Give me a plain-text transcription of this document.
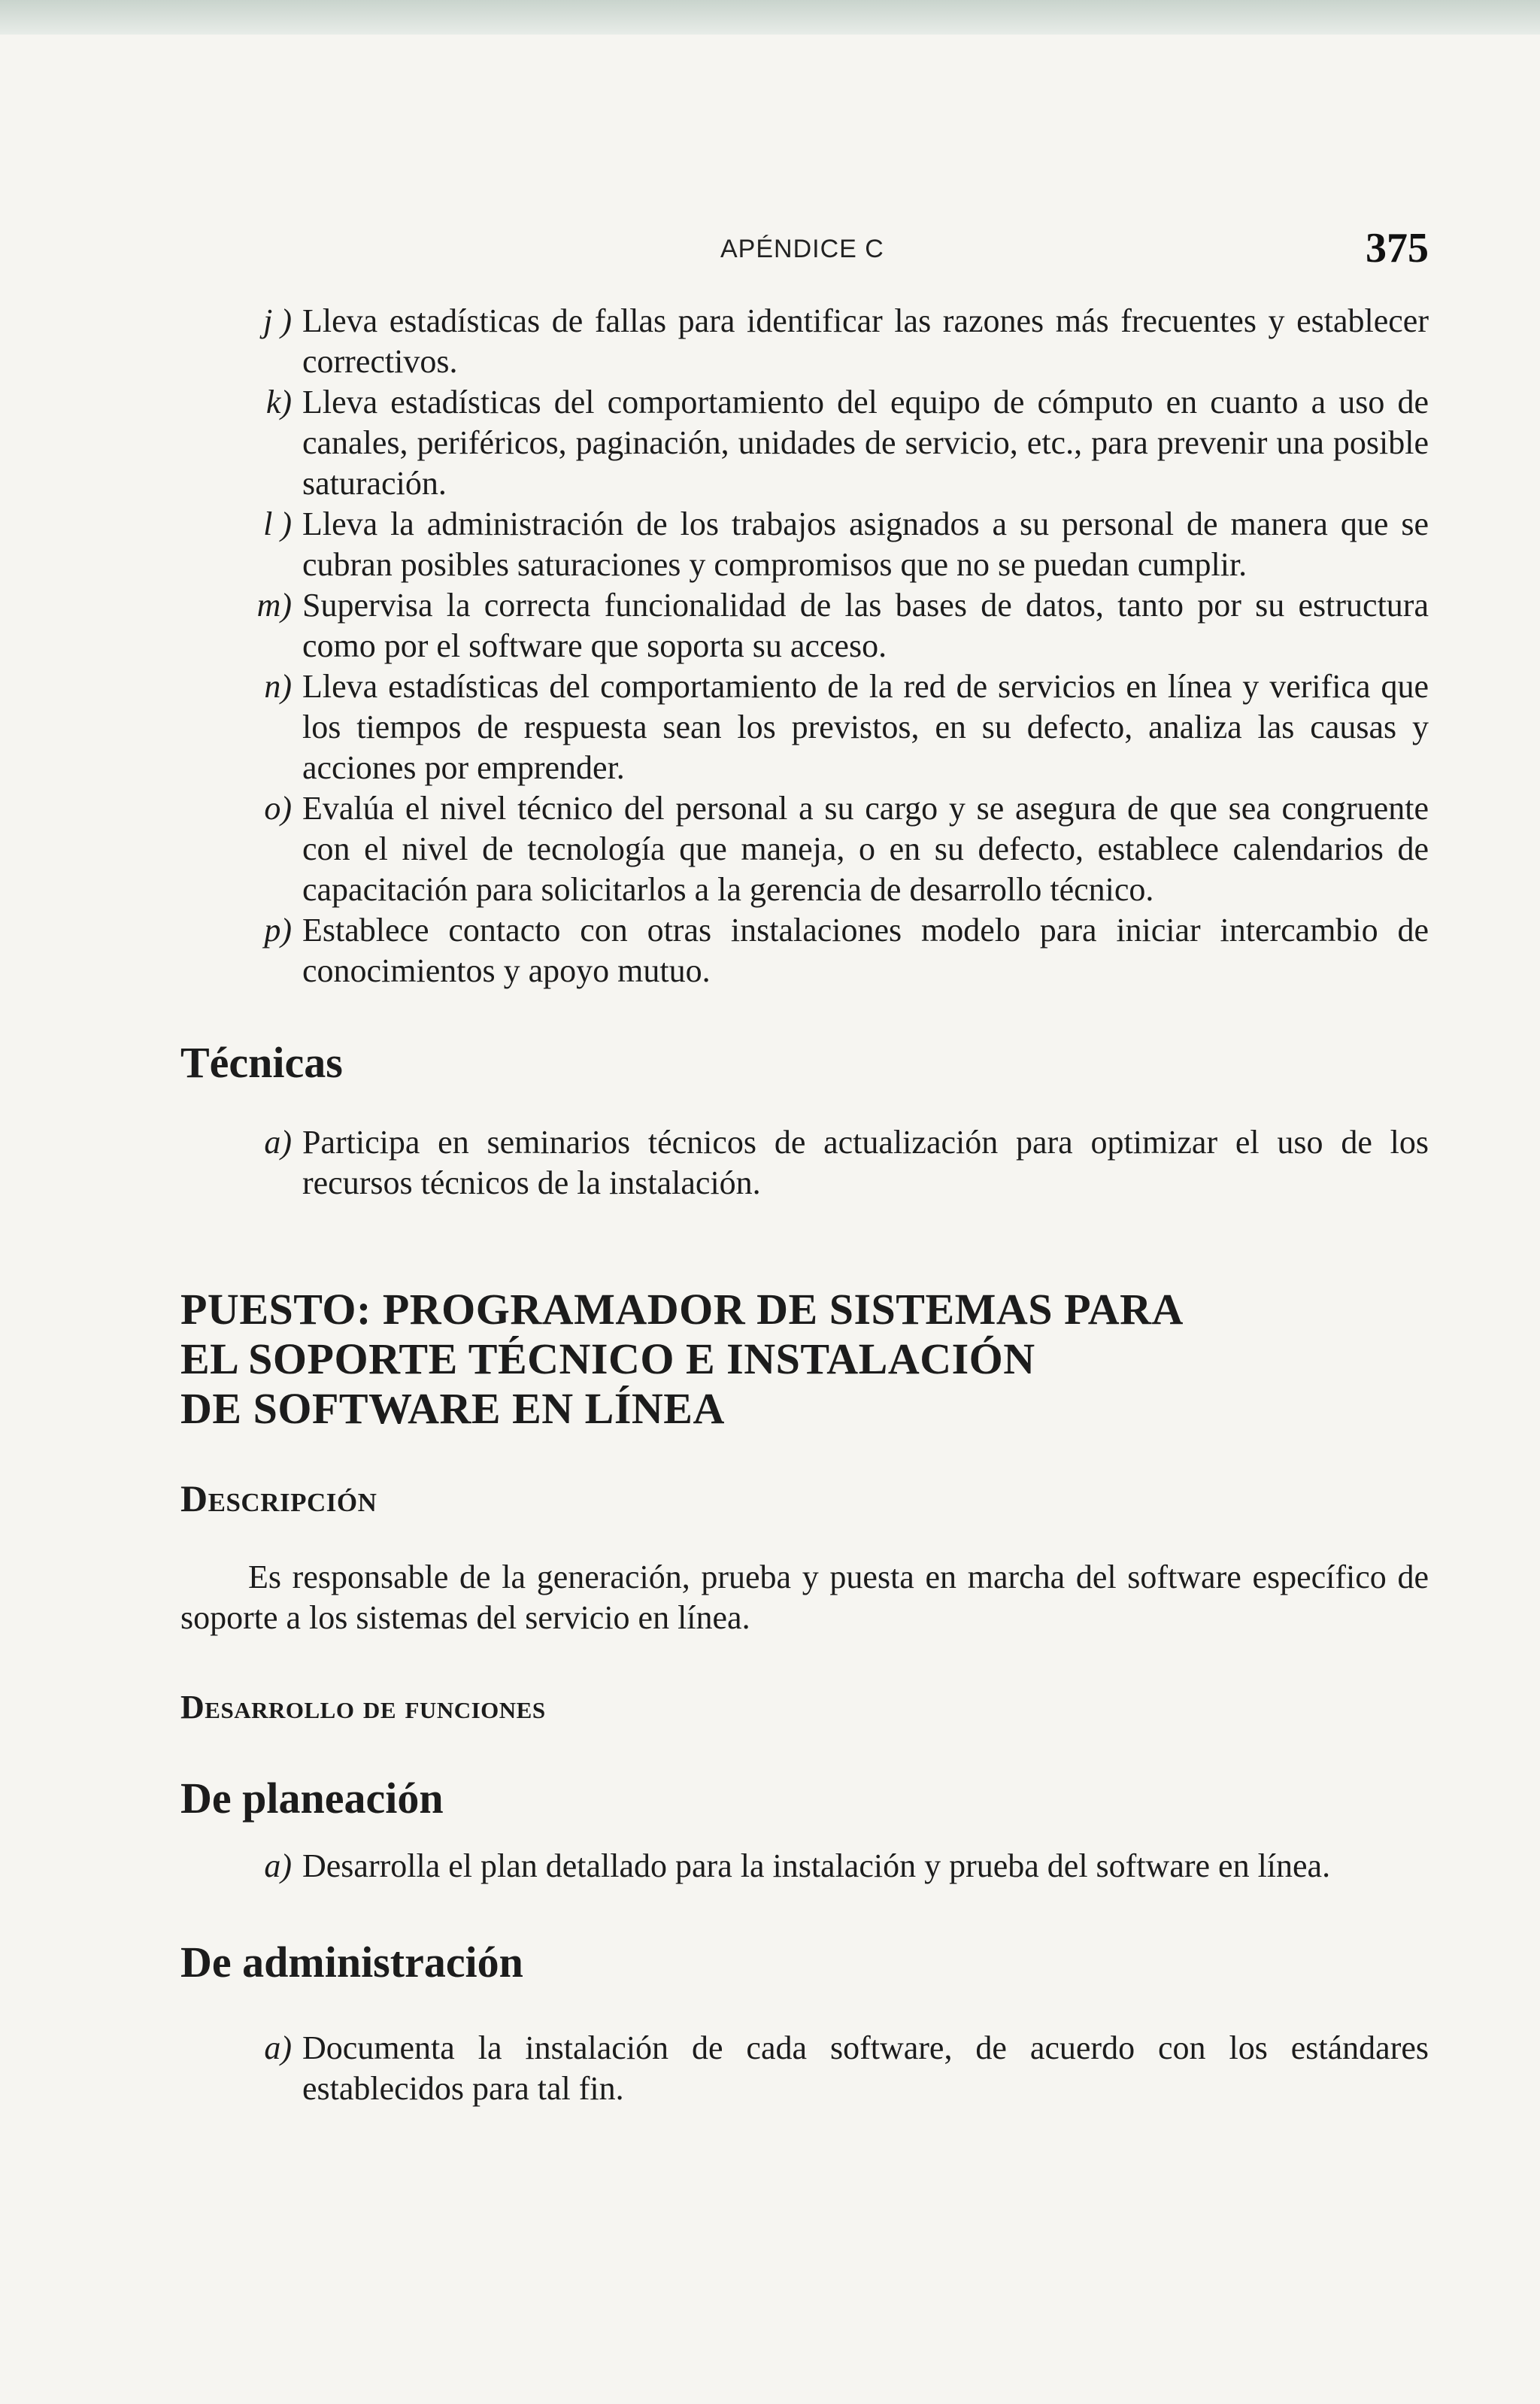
APÉNDICE C	375
j ) Lleva estadísticas de fallas para identificar las razones más frecuentes y establecer correctivos.
k) Lleva estadísticas del comportamiento del equipo de cómputo en cuanto a uso de canales, periféricos, paginación, unidades de servicio, etc., para prevenir una posible saturación.
l ) Lleva la administración de los trabajos asignados a su personal de manera que se cubran posibles saturaciones y compromisos que no se puedan cumplir.
m) Supervisa la correcta funcionalidad de las bases de datos, tanto por su estructura como por el software que soporta su acceso.
n) Lleva estadísticas del comportamiento de la red de servicios en línea y verifica que los tiempos de respuesta sean los previstos, en su defecto, analiza las causas y acciones por emprender.
o) Evalúa el nivel técnico del personal a su cargo y se asegura de que sea congruente con el nivel de tecnología que maneja, o en su defecto, establece calendarios de capacitación para solicitarlos a la gerencia de desarrollo técnico.
p) Establece contacto con otras instalaciones modelo para iniciar intercambio de conocimientos y apoyo mutuo.
Técnicas
a) Participa en seminarios técnicos de actualización para optimizar el uso de los recursos técnicos de la instalación.
PUESTO: PROGRAMADOR DE SISTEMAS PARA
EL SOPORTE TÉCNICO E INSTALACIÓN
DE SOFTWARE EN LÍNEA
Descripción
Es responsable de la generación, prueba y puesta en marcha del software específico de soporte a los sistemas del servicio en línea.
Desarrollo de funciones
De planeación
a) Desarrolla el plan detallado para la instalación y prueba del software en línea.
De administración
a) Documenta la instalación de cada software, de acuerdo con los estándares establecidos para tal fin.
